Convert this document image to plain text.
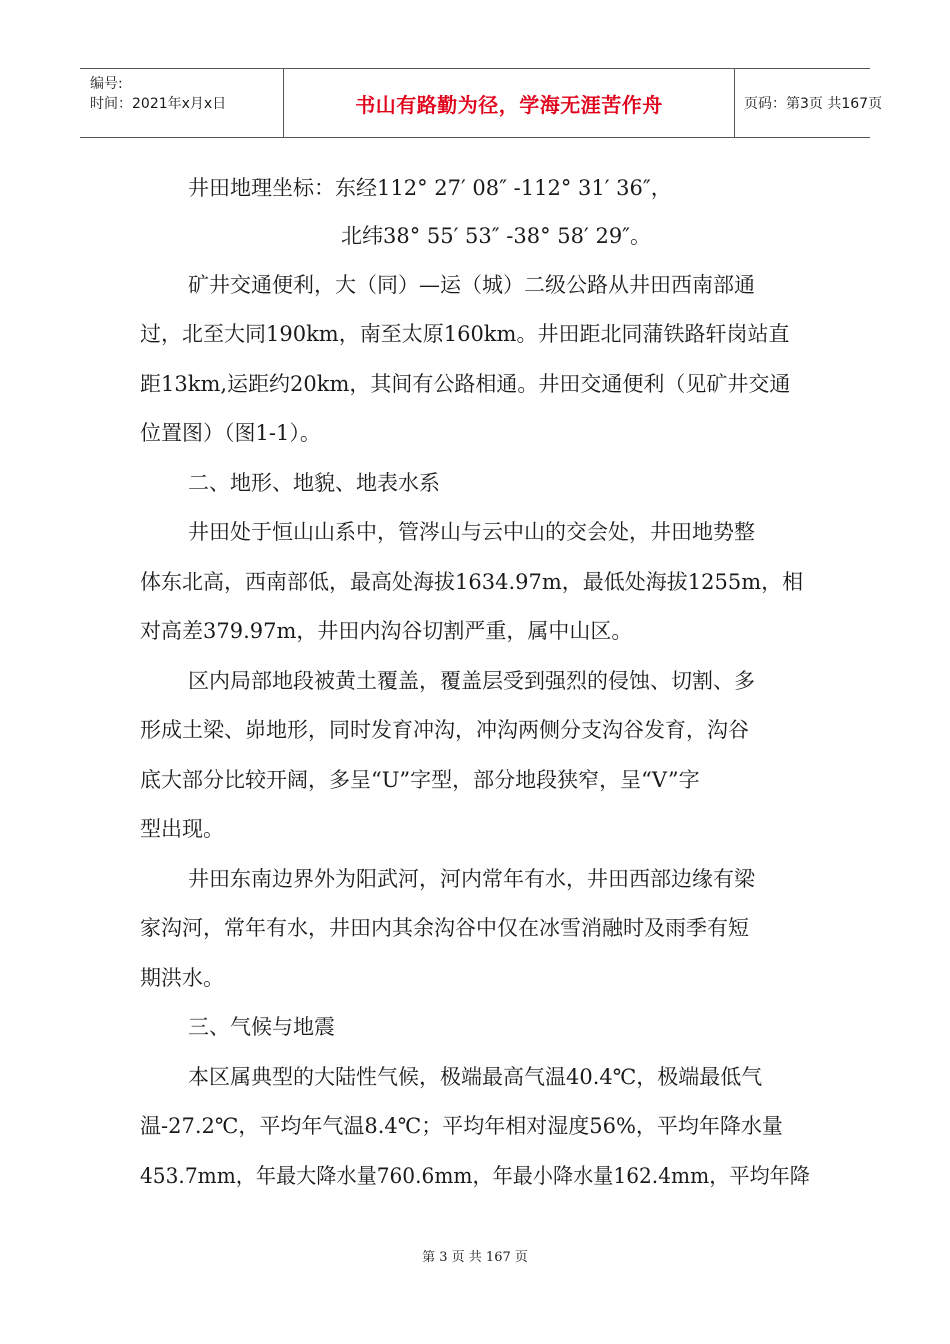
编号:
时间：2021年x月x日	书山有路勤为径，学海无涯苦作舟	页码：第3页 共167页
井田地理坐标：东经112° 27′ 08″ -112° 31′ 36″，
北纬38° 55′ 53″ -38° 58′ 29″。
矿井交通便利，大（同）—运（城）二级公路从井田西南部通
过，北至大同190km，南至太原160km。井田距北同蒲铁路轩岗站直
距13km,运距约20km，其间有公路相通。井田交通便利（见矿井交通
位置图）（图1-1）。
二、地形、地貌、地表水系
井田处于恒山山系中，管涔山与云中山的交会处，井田地势整
体东北高，西南部低，最高处海拔1634.97m，最低处海拔1255m，相
对高差379.97m，井田内沟谷切割严重，属中山区。
区内局部地段被黄土覆盖，覆盖层受到强烈的侵蚀、切割、多
形成土梁、峁地形，同时发育冲沟，冲沟两侧分支沟谷发育，沟谷
底大部分比较开阔，多呈“U”字型，部分地段狭窄，呈“V”字
型出现。
井田东南边界外为阳武河，河内常年有水，井田西部边缘有梁
家沟河，常年有水，井田内其余沟谷中仅在冰雪消融时及雨季有短
期洪水。
三、气候与地震
本区属典型的大陆性气候，极端最高气温40.4℃，极端最低气
温-27.2℃，平均年气温8.4℃；平均年相对湿度56%，平均年降水量
453.7mm，年最大降水量760.6mm，年最小降水量162.4mm，平均年降
第 3 页 共 167 页
